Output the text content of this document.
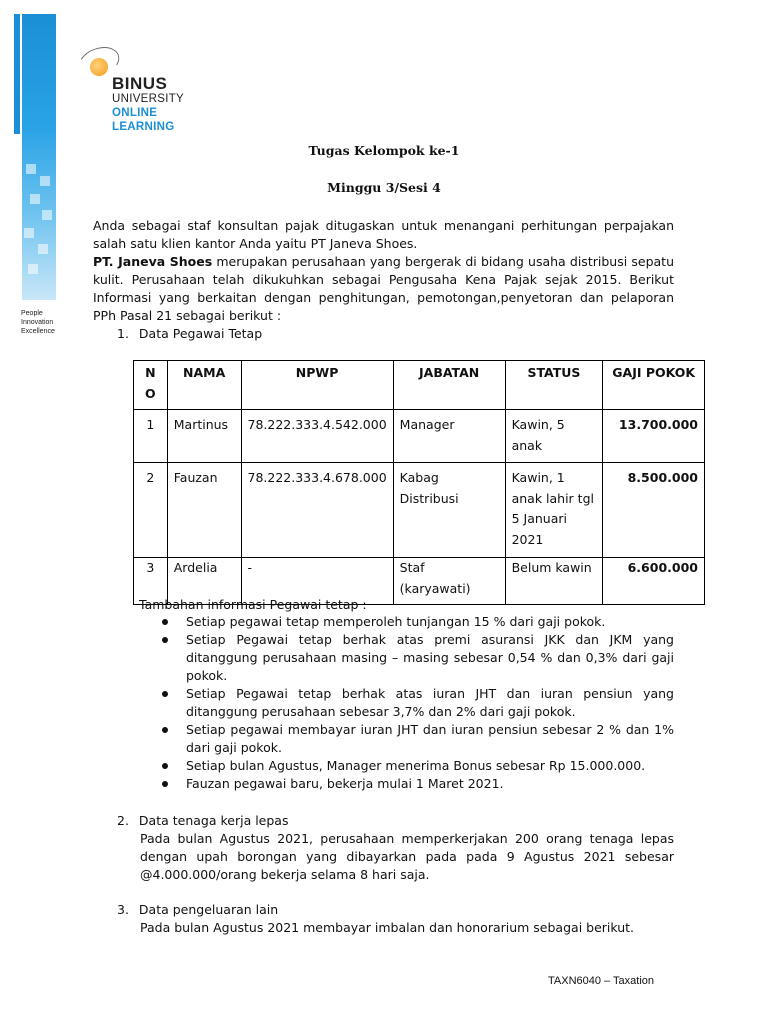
People
Innovation
Excellence
BINUS
UNIVERSITY
ONLINE
LEARNING
Tugas Kelompok ke-1
Minggu 3/Sesi 4
Anda sebagai staf konsultan pajak ditugaskan untuk menangani perhitungan perpajakan salah satu klien kantor Anda yaitu PT Janeva Shoes.
PT. Janeva Shoes merupakan perusahaan yang bergerak di bidang usaha distribusi sepatu kulit. Perusahaan telah dikukuhkan sebagai Pengusaha Kena Pajak sejak 2015. Berikut Informasi yang berkaitan dengan penghitungan, pemotongan,penyetoran dan pelaporan PPh Pasal 21 sebagai berikut :
1. Data Pegawai Tetap
N O	NAMA	NPWP	JABATAN	STATUS	GAJI POKOK
1	Martinus	78.222.333.4.542.000	Manager	Kawin, 5 anak	13.700.000
2	Fauzan	78.222.333.4.678.000	Kabag Distribusi	Kawin, 1 anak lahir tgl 5 Januari 2021	8.500.000
3	Ardelia	-	Staf (karyawati)	Belum kawin	6.600.000
Tambahan informasi Pegawai tetap :
Setiap pegawai tetap memperoleh tunjangan 15 % dari gaji pokok.
Setiap Pegawai tetap berhak atas premi asuransi JKK dan JKM yang ditanggung perusahaan masing – masing sebesar 0,54 % dan 0,3% dari gaji pokok.
Setiap Pegawai tetap berhak atas iuran JHT dan iuran pensiun yang ditanggung perusahaan sebesar 3,7% dan 2% dari gaji pokok.
Setiap pegawai membayar iuran JHT dan iuran pensiun sebesar 2 % dan 1% dari gaji pokok.
Setiap bulan Agustus, Manager menerima Bonus sebesar Rp 15.000.000.
Fauzan pegawai baru, bekerja mulai 1 Maret 2021.
2. Data tenaga kerja lepas
Pada bulan Agustus 2021, perusahaan memperkerjakan 200 orang tenaga lepas dengan upah borongan yang dibayarkan pada pada 9 Agustus 2021 sebesar @4.000.000/orang bekerja selama 8 hari saja.
3. Data pengeluaran lain
Pada bulan Agustus 2021 membayar imbalan dan honorarium sebagai berikut.
TAXN6040 – Taxation
